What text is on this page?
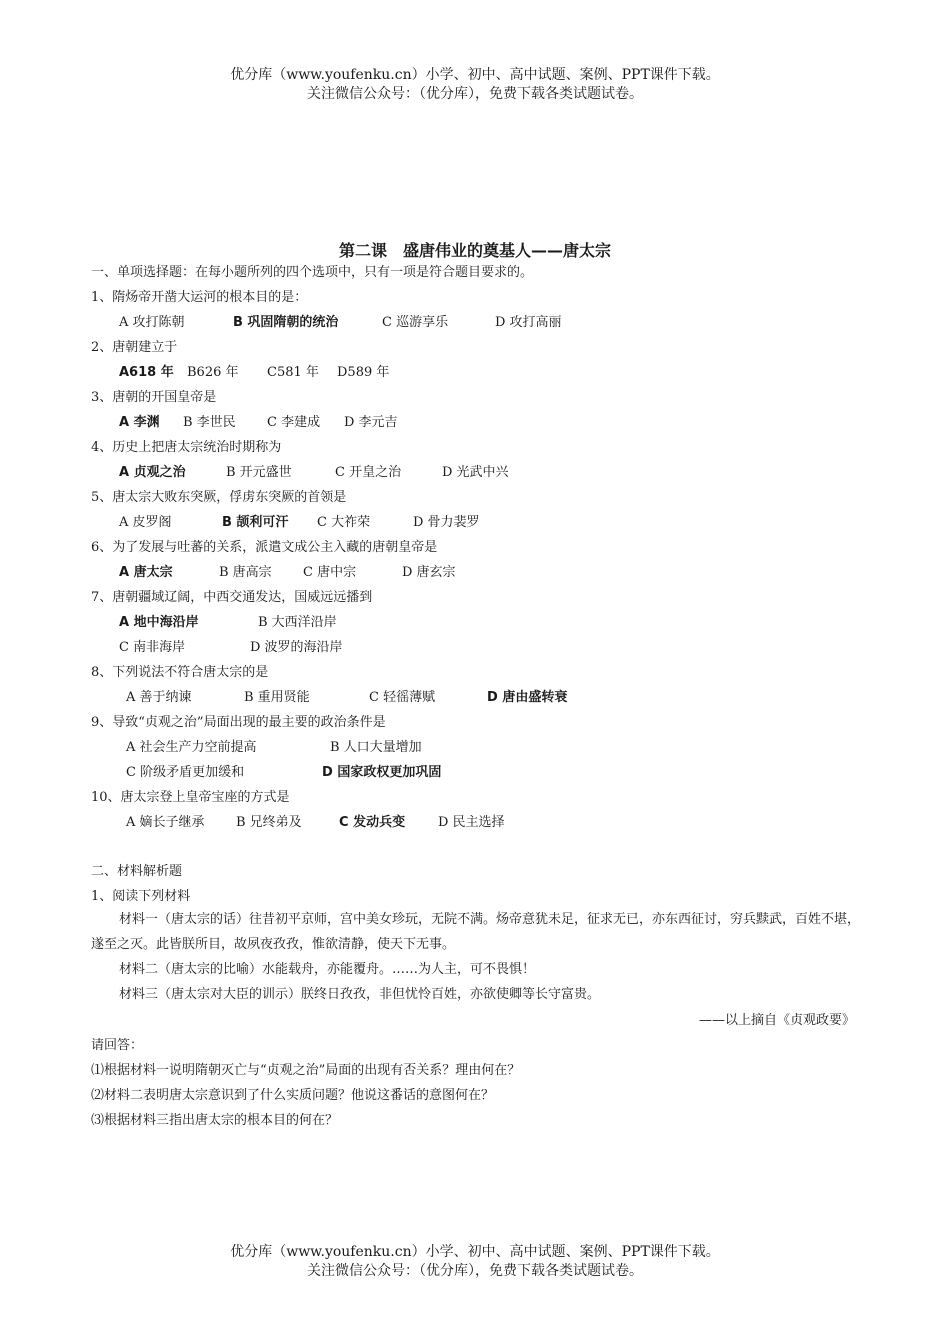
优分库（www.youfenku.cn）小学、初中、高中试题、案例、PPT课件下载。
关注微信公众号：（优分库），免费下载各类试题试卷。
第二课　盛唐伟业的奠基人——唐太宗
一、单项选择题：在每小题所列的四个选项中，只有一项是符合题目要求的。
1、隋炀帝开凿大运河的根本目的是：
A 攻打陈朝	B 巩固隋朝的统治	C 巡游享乐	D 攻打高丽
2、唐朝建立于
A618 年 B626 年 C581 年 D589 年
3、唐朝的开国皇帝是
A 李渊 B 李世民 C 李建成 D 李元吉
4、历史上把唐太宗统治时期称为
A 贞观之治	B 开元盛世	C 开皇之治	D 光武中兴
5、唐太宗大败东突厥，俘虏东突厥的首领是
A 皮罗阁	B 颉利可汗 C 大祚荣	D 骨力裴罗
6、为了发展与吐蕃的关系，派遣文成公主入藏的唐朝皇帝是
A 唐太宗	B 唐高宗 C 唐中宗	D 唐玄宗
7、唐朝疆域辽阔，中西交通发达，国威远远播到
A 地中海沿岸	B 大西洋沿岸
C 南非海岸	D 波罗的海沿岸
8、下列说法不符合唐太宗的是
A 善于纳谏	B 重用贤能	C 轻徭薄赋	D 唐由盛转衰
9、导致“贞观之治”局面出现的最主要的政治条件是
A 社会生产力空前提高	B 人口大量增加
C 阶级矛盾更加缓和	D 国家政权更加巩固
10、唐太宗登上皇帝宝座的方式是
A 嫡长子继承 B 兄终弟及	C 发动兵变	D 民主选择
二、材料解析题
1、阅读下列材料
材料一（唐太宗的话）往昔初平京师，宫中美女珍玩，无院不满。炀帝意犹未足，征求无已，亦东西征讨，穷兵黩武，百姓不堪，遂至之灭。此皆朕所目，故夙夜孜孜，惟欲清静，使天下无事。
材料二（唐太宗的比喻）水能载舟，亦能覆舟。……为人主，可不畏惧！
材料三（唐太宗对大臣的训示）朕终日孜孜，非但忧怜百姓，亦欲使卿等长守富贵。
——以上摘自《贞观政要》
请回答：
⑴根据材料一说明隋朝灭亡与“贞观之治”局面的出现有否关系？理由何在？
⑵材料二表明唐太宗意识到了什么实质问题？他说这番话的意图何在？
⑶根据材料三指出唐太宗的根本目的何在？
优分库（www.youfenku.cn）小学、初中、高中试题、案例、PPT课件下载。
关注微信公众号：（优分库），免费下载各类试题试卷。
